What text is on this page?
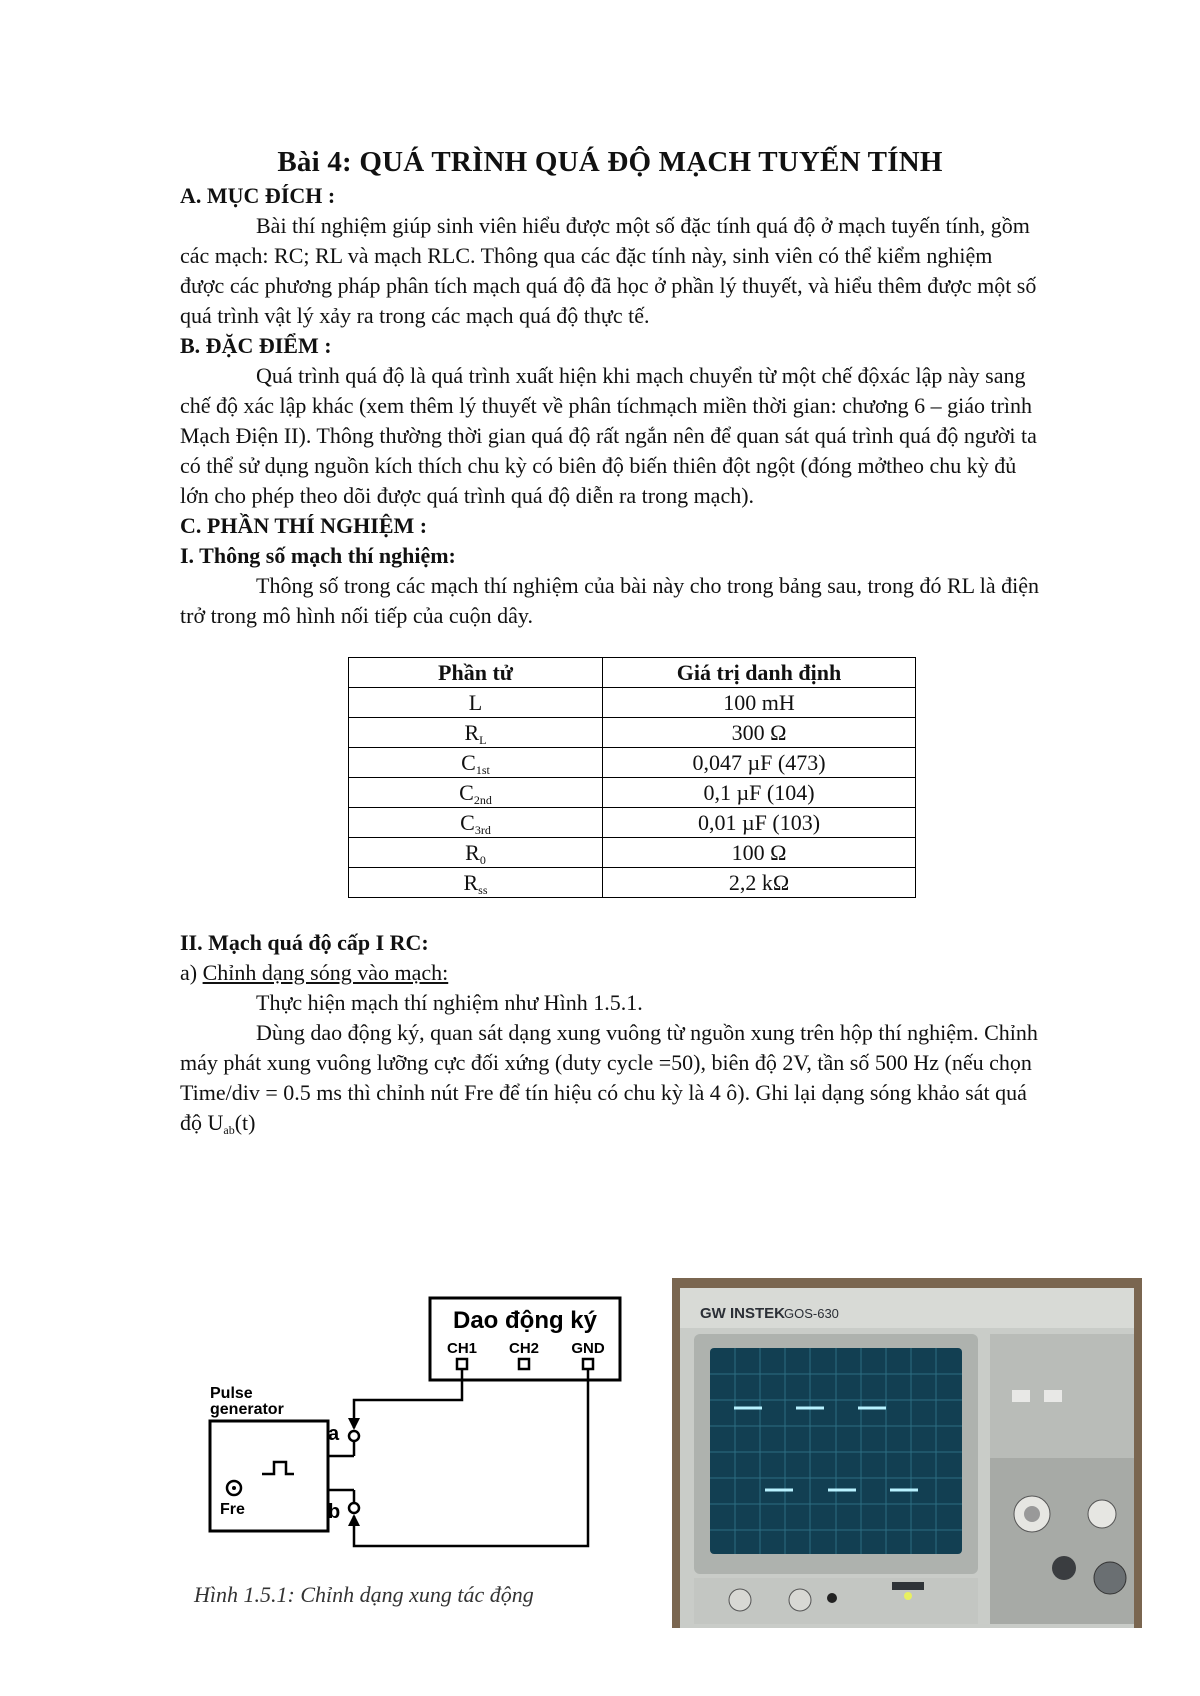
Bài 4: QUÁ TRÌNH QUÁ ĐỘ MẠCH TUYẾN TÍNH
A. MỤC ĐÍCH :

Bài thí nghiệm giúp sinh viên hiểu được một số đặc tính quá độ ở mạch tuyến tính, gồm các mạch: RC; RL và mạch RLC. Thông qua các đặc tính này, sinh viên có thể kiểm nghiệm được các phương pháp phân tích mạch quá độ đã học ở phần lý thuyết, và hiểu thêm được một số quá trình vật lý xảy ra trong các mạch quá độ thực tế.

B. ĐẶC ĐIỂM :

Quá trình quá độ là quá trình xuất hiện khi mạch chuyển từ một chế độxác lập này sang chế độ xác lập khác (xem thêm lý thuyết về phân tíchmạch miền thời gian: chương 6 – giáo trình Mạch Điện II). Thông thường thời gian quá độ rất ngắn nên để quan sát quá trình quá độ người ta có thể sử dụng nguồn kích thích chu kỳ có biên độ biến thiên đột ngột (đóng mởtheo chu kỳ đủ lớn cho phép theo dõi được quá trình quá độ diễn ra trong mạch).

C. PHẦN THÍ NGHIỆM :
I. Thông số mạch thí nghiệm:

Thông số trong các mạch thí nghiệm của bài này cho trong bảng sau, trong đó RL là điện trở trong mô hình nối tiếp của cuộn dây.

Phần tử	Giá trị danh định
L	100 mH
$R_L$	300 Ω
$C_{1st}$	0,047 µF (473)
$C_{2nd}$	0,1 µF (104)
$C_{3rd}$	0,01 µF (103)
$R_0$	100 Ω
$R_{ss}$	2,2 kΩ
II. Mạch quá độ cấp I RC:

a) Chỉnh dạng sóng vào mạch:

Thực hiện mạch thí nghiệm như Hình 1.5.1.

Dùng dao động ký, quan sát dạng xung vuông từ nguồn xung trên hộp thí nghiệm. Chỉnh máy phát xung vuông lưỡng cực đối xứng (duty cycle =50), biên độ 2V, tần số 500 Hz (nếu chọn Time/div = 0.5 ms thì chỉnh nút Fre để tín hiệu có chu kỳ là 4 ô). Ghi lại dạng sóng khảo sát quá độ $U_{ab}(t)$

Dao động ký
CH1 CH2 GND
a
b
Pulse
generator
Fre
Hình 1.5.1: Chỉnh dạng xung tác động
GW INSTEK GOS-630
